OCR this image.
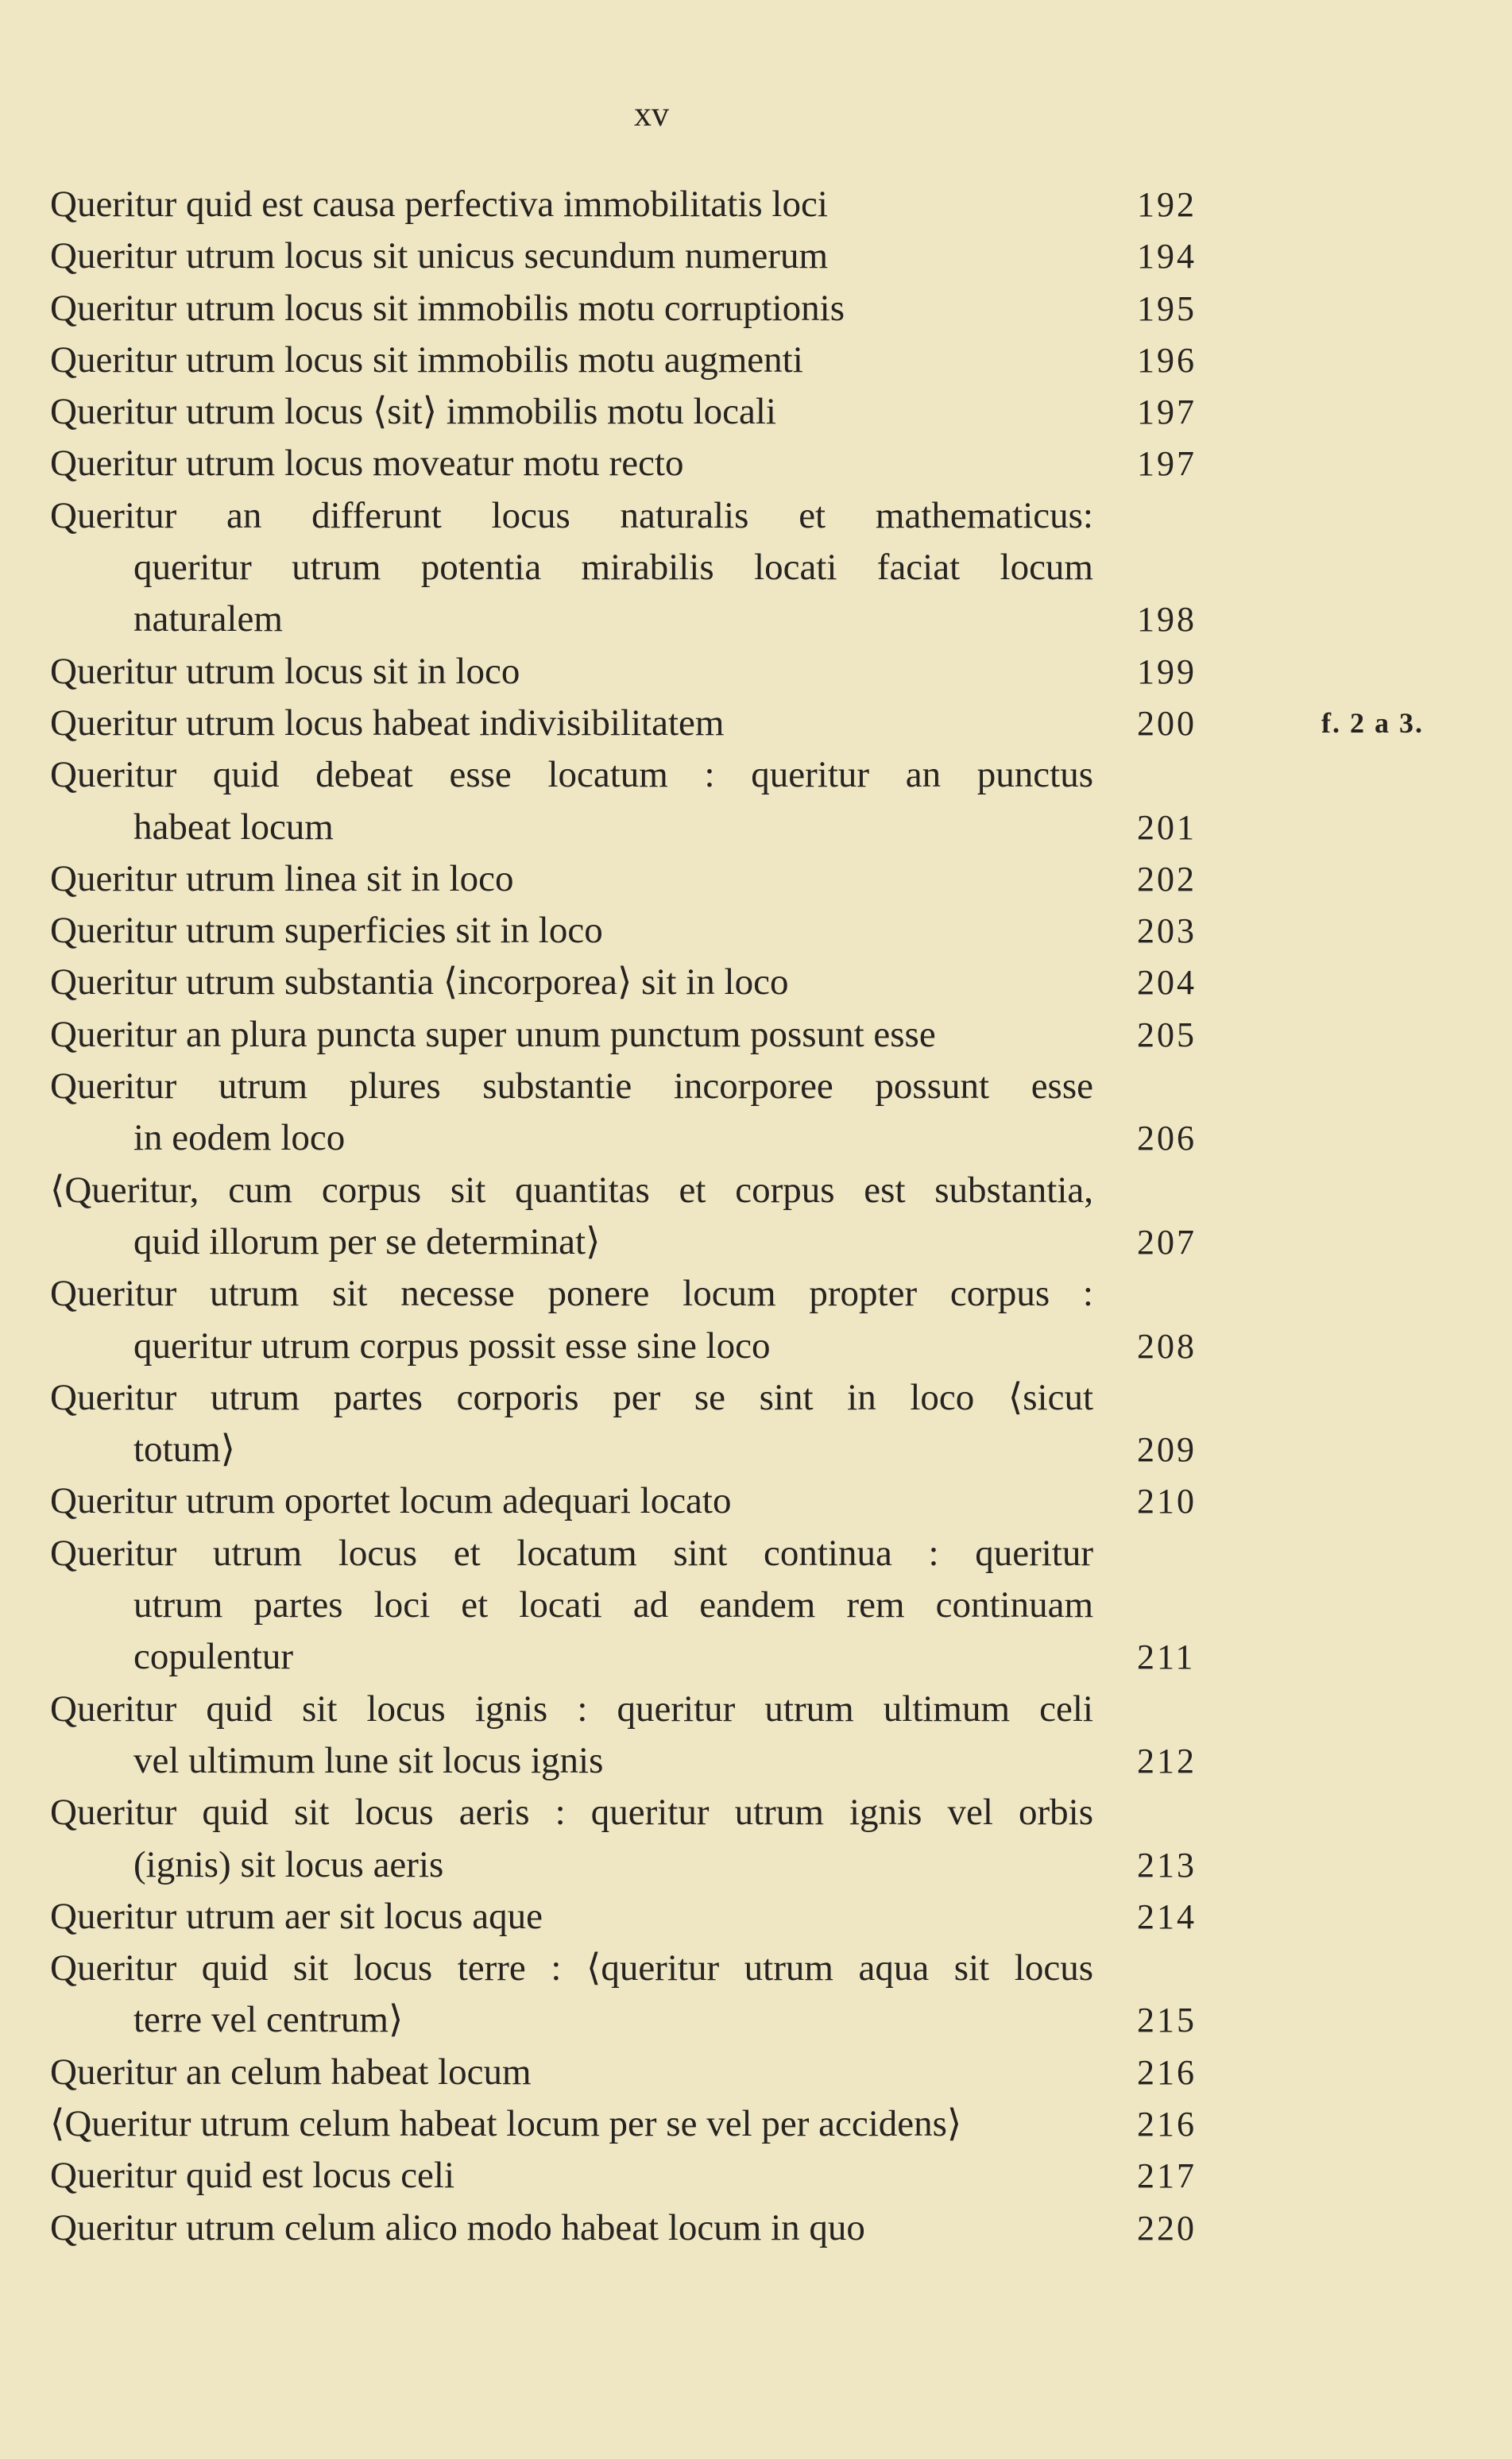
xv
Queritur quid est causa perfectiva immobilitatis loci	192
Queritur utrum locus sit unicus secundum numerum	194
Queritur utrum locus sit immobilis motu corruptionis	195
Queritur utrum locus sit immobilis motu augmenti	196
Queritur utrum locus ⟨sit⟩ immobilis motu locali	197
Queritur utrum locus moveatur motu recto	197
Queritur an differunt locus naturalis et mathematicus:
queritur utrum potentia mirabilis locati faciat locum
naturalem	198
Queritur utrum locus sit in loco	199
Queritur utrum locus habeat indivisibilitatem	200	f. 2 a 3.
Queritur quid debeat esse locatum : queritur an punctus
habeat locum	201
Queritur utrum linea sit in loco	202
Queritur utrum superficies sit in loco	203
Queritur utrum substantia ⟨incorporea⟩ sit in loco	204
Queritur an plura puncta super unum punctum possunt esse	205
Queritur utrum plures substantie incorporee possunt esse
in eodem loco	206
⟨Queritur, cum corpus sit quantitas et corpus est substantia,
quid illorum per se determinat⟩	207
Queritur utrum sit necesse ponere locum propter corpus :
queritur utrum corpus possit esse sine loco	208
Queritur utrum partes corporis per se sint in loco ⟨sicut
totum⟩	209
Queritur utrum oportet locum adequari locato	210
Queritur utrum locus et locatum sint continua : queritur
utrum partes loci et locati ad eandem rem continuam
copulentur	211
Queritur quid sit locus ignis : queritur utrum ultimum celi
vel ultimum lune sit locus ignis	212
Queritur quid sit locus aeris : queritur utrum ignis vel orbis
(ignis) sit locus aeris	213
Queritur utrum aer sit locus aque	214
Queritur quid sit locus terre : ⟨queritur utrum aqua sit locus
terre vel centrum⟩	215
Queritur an celum habeat locum	216
⟨Queritur utrum celum habeat locum per se vel per accidens⟩	216
Queritur quid est locus celi	217
Queritur utrum celum alico modo habeat locum in quo	220
